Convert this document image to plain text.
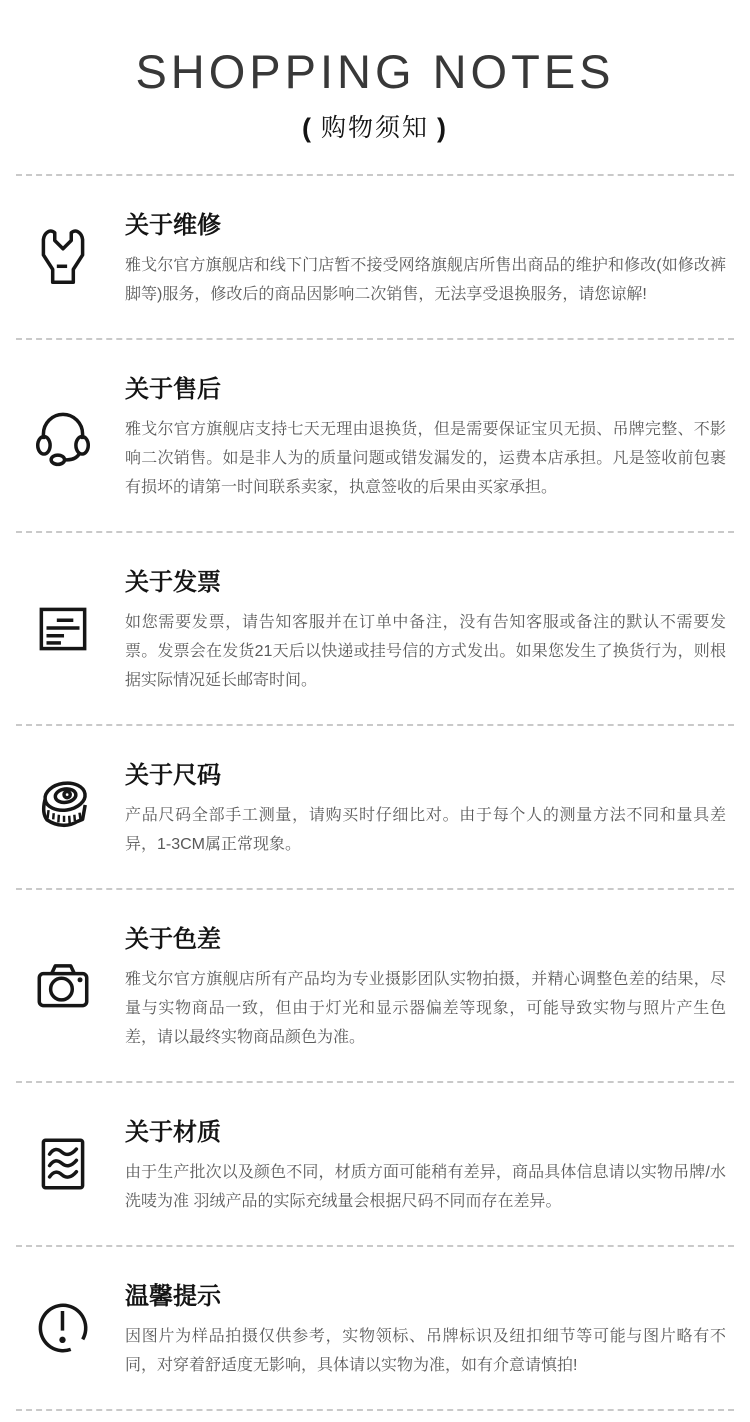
SHOPPING NOTES
( 购物须知 )
关于维修
雅戈尔官方旗舰店和线下门店暂不接受网络旗舰店所售出商品的维护和修改(如修改裤脚等)服务，修改后的商品因影响二次销售，无法享受退换服务，请您谅解!
关于售后
雅戈尔官方旗舰店支持七天无理由退换货，但是需要保证宝贝无损、吊牌完整、不影响二次销售。如是非人为的质量问题或错发漏发的，运费本店承担。凡是签收前包裹有损坏的请第一时间联系卖家，执意签收的后果由买家承担。
关于发票
如您需要发票，请告知客服并在订单中备注，没有告知客服或备注的默认不需要发票。发票会在发货21天后以快递或挂号信的方式发出。如果您发生了换货行为，则根据实际情况延长邮寄时间。
关于尺码
产品尺码全部手工测量，请购买时仔细比对。由于每个人的测量方法不同和量具差异，1-3CM属正常现象。
关于色差
雅戈尔官方旗舰店所有产品均为专业摄影团队实物拍摄，并精心调整色差的结果，尽量与实物商品一致，但由于灯光和显示器偏差等现象，可能导致实物与照片产生色差，请以最终实物商品颜色为准。
关于材质
由于生产批次以及颜色不同，材质方面可能稍有差异，商品具体信息请以实物吊牌/水洗唛为准 羽绒产品的实际充绒量会根据尺码不同而存在差异。
温馨提示
因图片为样品拍摄仅供参考，实物领标、吊牌标识及纽扣细节等可能与图片略有不同，对穿着舒适度无影响，具体请以实物为准，如有介意请慎拍!
